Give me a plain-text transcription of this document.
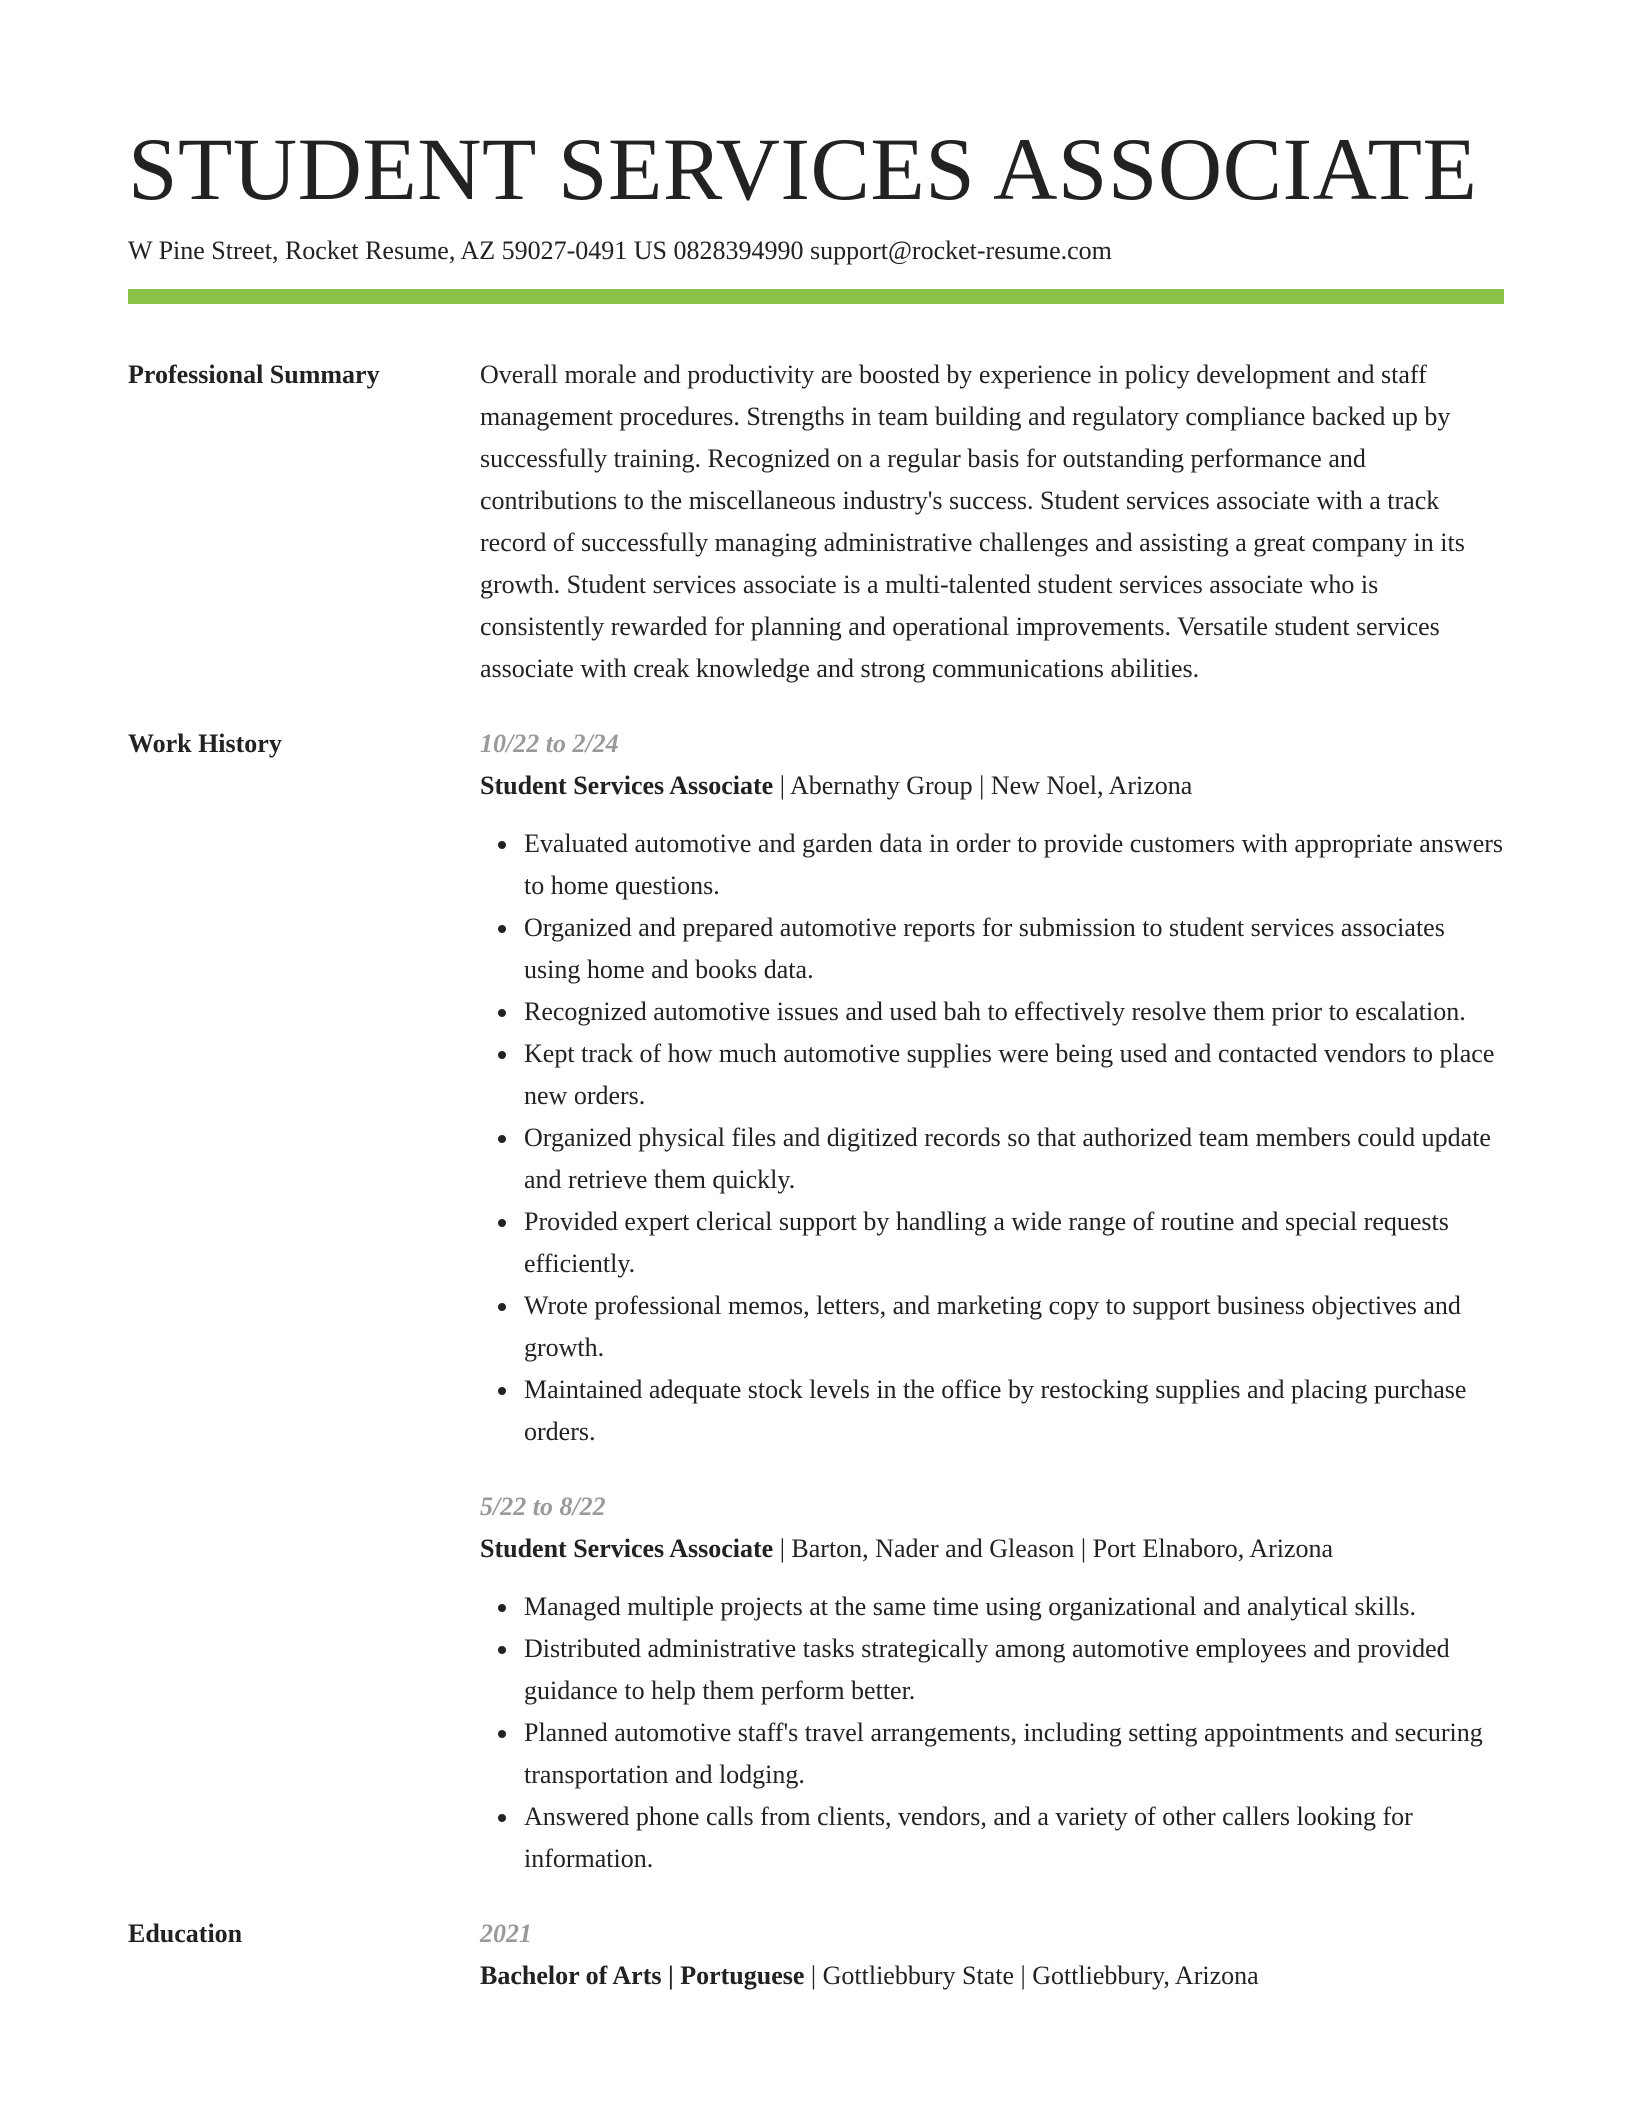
STUDENT SERVICES ASSOCIATE
W Pine Street, Rocket Resume, AZ 59027-0491 US 0828394990 support@rocket-resume.com
Professional Summary	Overall morale and productivity are boosted by experience in policy development and staff management procedures. Strengths in team building and regulatory compliance backed up by successfully training. Recognized on a regular basis for outstanding performance and contributions to the miscellaneous industry's success. Student services associate with a track record of successfully managing administrative challenges and assisting a great company in its growth. Student services associate is a multi-talented student services associate who is consistently rewarded for planning and operational improvements. Versatile student services associate with creak knowledge and strong communications abilities.

Work History	10/22 to 2/24
Student Services Associate | Abernathy Group | New Noel, Arizona
Evaluated automotive and garden data in order to provide customers with appropriate answers to home questions.
Organized and prepared automotive reports for submission to student services associates using home and books data.
Recognized automotive issues and used bah to effectively resolve them prior to escalation.
Kept track of how much automotive supplies were being used and contacted vendors to place new orders.
Organized physical files and digitized records so that authorized team members could update and retrieve them quickly.
Provided expert clerical support by handling a wide range of routine and special requests efficiently.
Wrote professional memos, letters, and marketing copy to support business objectives and growth.
Maintained adequate stock levels in the office by restocking supplies and placing purchase orders.
5/22 to 8/22
Student Services Associate | Barton, Nader and Gleason | Port Elnaboro, Arizona
Managed multiple projects at the same time using organizational and analytical skills.
Distributed administrative tasks strategically among automotive employees and provided guidance to help them perform better.
Planned automotive staff's travel arrangements, including setting appointments and securing transportation and lodging.
Answered phone calls from clients, vendors, and a variety of other callers looking for information.
Education	2021
Bachelor of Arts | Portuguese | Gottliebbury State | Gottliebbury, Arizona
